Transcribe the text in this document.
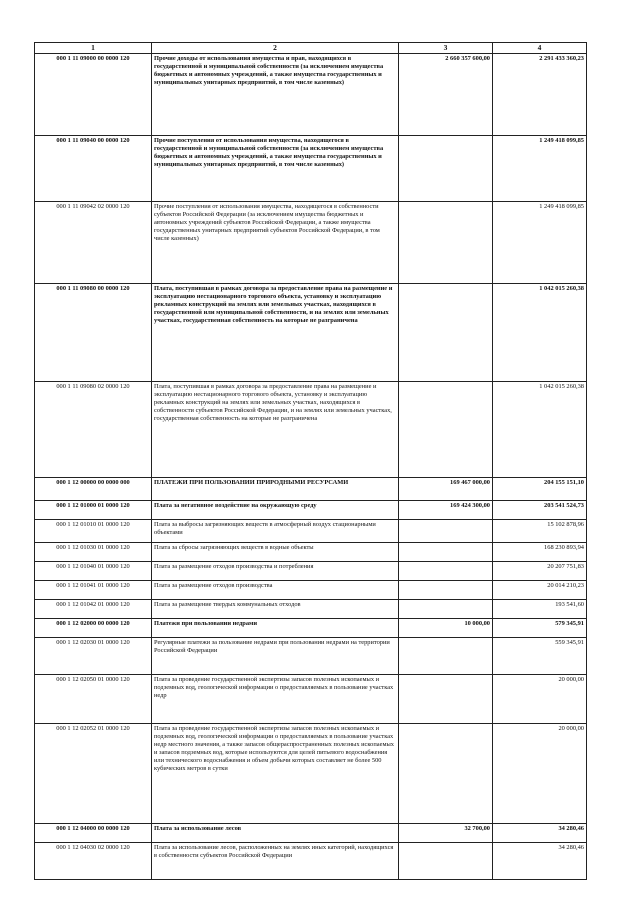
1	2	3	4
000 1 11 09000 00 0000 120	Прочие доходы от использования имущества и прав, находящихся в государственной и муниципальной собственности (за исключением имущества бюджетных и автономных учреждений, а также имущества государственных и муниципальных унитарных предприятий, в том числе казенных)	2 660 357 600,00	2 291 433 360,23
000 1 11 09040 00 0000 120	Прочие поступления от использования имущества, находящегося в государственной и муниципальной собственности (за исключением имущества бюджетных и автономных учреждений, а также имущества государственных и муниципальных унитарных предприятий, в том числе казенных)		1 249 418 099,85
000 1 11 09042 02 0000 120	Прочие поступления от использования имущества, находящегося в собственности субъектов Российской Федерации (за исключением имущества бюджетных и автономных учреждений субъектов Российской Федерации, а также имущества государственных унитарных предприятий субъектов Российской Федерации, в том числе казенных)		1 249 418 099,85
000 1 11 09080 00 0000 120	Плата, поступившая в рамках договора за предоставление права на размещение и эксплуатацию нестационарного торгового объекта, установку и эксплуатацию рекламных конструкций на землях или земельных участках, находящихся в государственной или муниципальной собственности, и на землях или земельных участках, государственная собственность на которые не разграничена		1 042 015 260,38
000 1 11 09080 02 0000 120	Плата, поступившая в рамках договора за предоставление права на размещение и эксплуатацию нестационарного торгового объекта, установку и эксплуатацию рекламных конструкций на землях или земельных участках, находящихся в собственности субъектов Российской Федерации, и на землях или земельных участках, государственная собственность на которые не разграничена		1 042 015 260,38
000 1 12 00000 00 0000 000	ПЛАТЕЖИ ПРИ ПОЛЬЗОВАНИИ ПРИРОДНЫМИ РЕСУРСАМИ	169 467 000,00	204 155 151,10
000 1 12 01000 01 0000 120	Плата за негативное воздействие на окружающую среду	169 424 300,00	203 541 524,73
000 1 12 01010 01 0000 120	Плата за выбросы загрязняющих веществ в атмосферный воздух стационарными объектами		15 102 878,96
000 1 12 01030 01 0000 120	Плата за сбросы загрязняющих веществ в водные объекты		168 230 893,94
000 1 12 01040 01 0000 120	Плата за размещение отходов производства и потребления		20 207 751,83
000 1 12 01041 01 0000 120	Плата за размещение отходов производства		20 014 210,23
000 1 12 01042 01 0000 120	Плата за размещение твердых коммунальных отходов		193 541,60
000 1 12 02000 00 0000 120	Платежи при пользовании недрами	10 000,00	579 345,91
000 1 12 02030 01 0000 120	Регулярные платежи за пользование недрами при пользовании недрами на территории Российской Федерации		559 345,91
000 1 12 02050 01 0000 120	Плата за проведение государственной экспертизы запасов полезных ископаемых и подземных вод, геологической информации о предоставляемых в пользование участках недр		20 000,00
000 1 12 02052 01 0000 120	Плата за проведение государственной экспертизы запасов полезных ископаемых и подземных вод, геологической информации о предоставляемых в пользование участках недр местного значения, а также запасов общераспространенных полезных ископаемых и запасов подземных вод, которые используются для целей питьевого водоснабжения или технического водоснабжения и объем добычи которых составляет не более 500 кубических метров в сутки		20 000,00
000 1 12 04000 00 0000 120	Плата за использование лесов	32 700,00	34 280,46
000 1 12 04030 02 0000 120	Плата за использование лесов, расположенных на землях иных категорий, находящихся в собственности субъектов Российской Федерации		34 280,46
